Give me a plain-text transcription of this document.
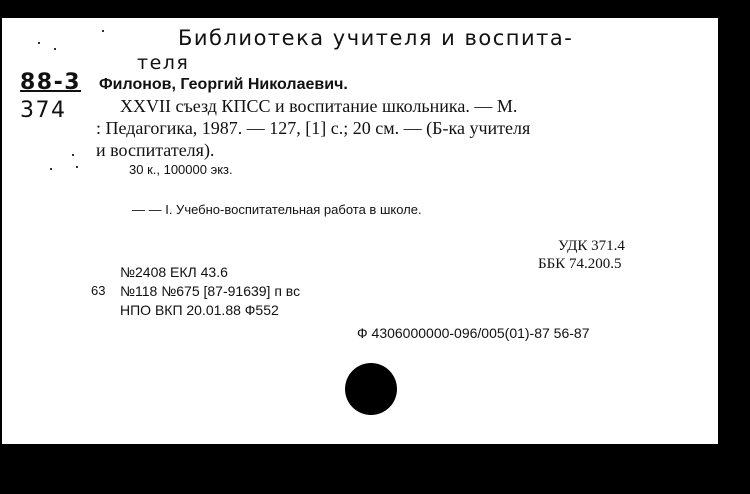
Библиотека учителя и воспита-
теля
88-3
374
Филонов, Георгий Николаевич.
XXVII съезд КПСС и воспитание школьника. — М.
: Педагогика, 1987. — 127, [1] с.; 20 см. — (Б-ка учителя
и воспитателя).
30 к., 100000 экз.
— — I. Учебно-воспитательная работа в школе.
УДК 371.4
ББК 74.200.5
№2408 ЕКЛ 43.6
63 №118 №675 [87-91639] п вс
НПО ВКП 20.01.88 Ф552
Ф 4306000000-096/005(01)-87 56-87
